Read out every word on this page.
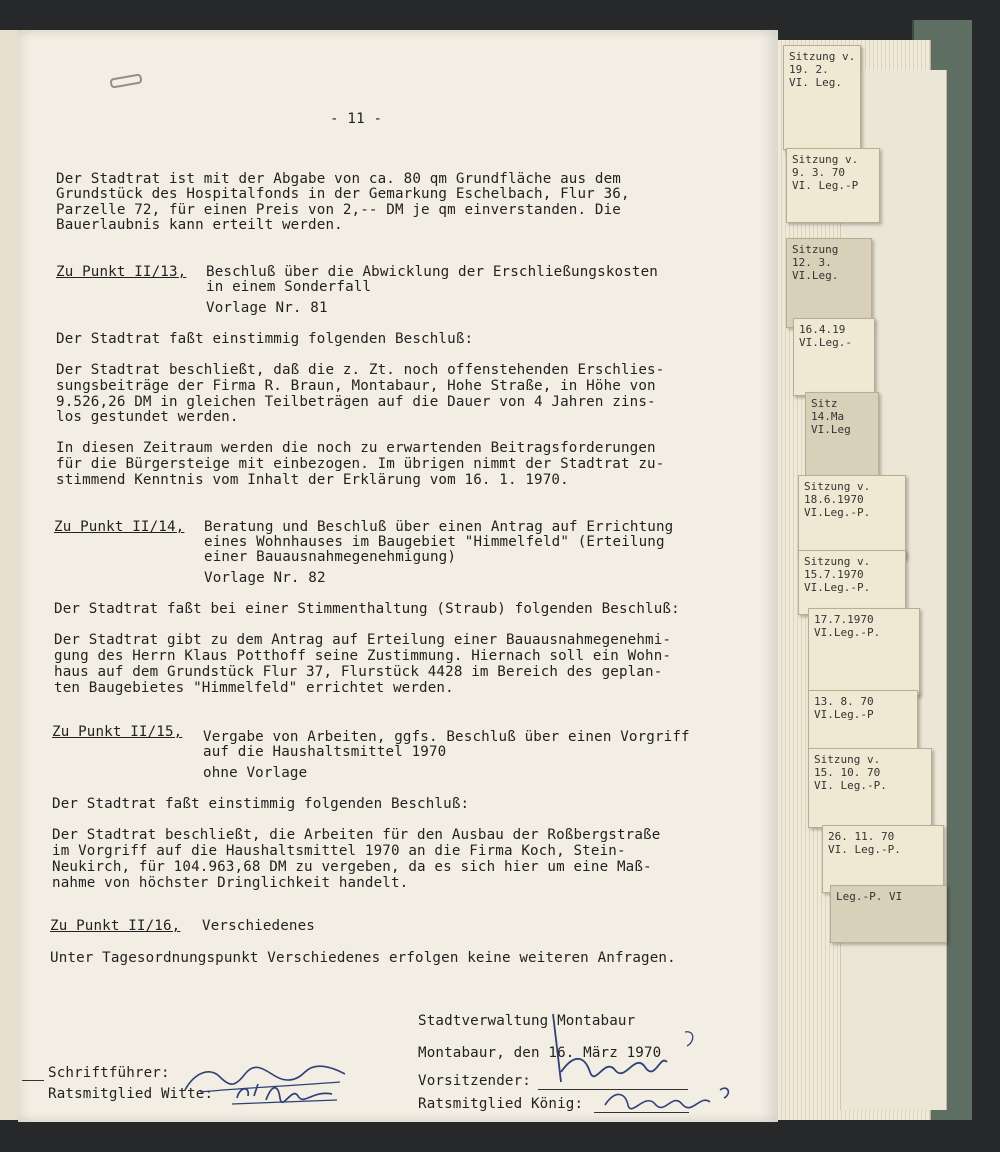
Sitzung v.
19. 2.
VI. Leg.
Sitzung v.
9. 3. 70
VI. Leg.-P
Sitzung
12. 3.
VI.Leg.
16.4.19
VI.Leg.-
Sitz
14.Ma
VI.Leg
Sitzung v.
18.6.1970
VI.Leg.-P.
Sitzung v.
15.7.1970
VI.Leg.-P.
17.7.1970
VI.Leg.-P.
13. 8. 70
VI.Leg.-P
Sitzung v.
15. 10. 70
VI. Leg.-P.
26. 11. 70
VI. Leg.-P.
Leg.-P. VI
- 11 -
Der Stadtrat ist mit der Abgabe von ca. 80 qm Grundfläche aus dem
Grundstück des Hospitalfonds in der Gemarkung Eschelbach, Flur 36,
Parzelle 72, für einen Preis von 2,-- DM je qm einverstanden. Die
Bauerlaubnis kann erteilt werden.
Zu Punkt II/13, Beschluß über die Abwicklung der Erschließungskosten
in einem Sonderfall
Vorlage Nr. 81
Der Stadtrat faßt einstimmig folgenden Beschluß:
Der Stadtrat beschließt, daß die z. Zt. noch offenstehenden Erschlies-
sungsbeiträge der Firma R. Braun, Montabaur, Hohe Straße, in Höhe von
9.526,26 DM in gleichen Teilbeträgen auf die Dauer von 4 Jahren zins-
los gestundet werden.
In diesen Zeitraum werden die noch zu erwartenden Beitragsforderungen
für die Bürgersteige mit einbezogen. Im übrigen nimmt der Stadtrat zu-
stimmend Kenntnis vom Inhalt der Erklärung vom 16. 1. 1970.
Zu Punkt II/14, Beratung und Beschluß über einen Antrag auf Errichtung
eines Wohnhauses im Baugebiet "Himmelfeld" (Erteilung
einer Bauausnahmegenehmigung)
Vorlage Nr. 82
Der Stadtrat faßt bei einer Stimmenthaltung (Straub) folgenden Beschluß:
Der Stadtrat gibt zu dem Antrag auf Erteilung einer Bauausnahmegenehmi-
gung des Herrn Klaus Potthoff seine Zustimmung. Hiernach soll ein Wohn-
haus auf dem Grundstück Flur 37, Flurstück 4428 im Bereich des geplan-
ten Baugebietes "Himmelfeld" errichtet werden.
Zu Punkt II/15, Vergabe von Arbeiten, ggfs. Beschluß über einen Vorgriff
auf die Haushaltsmittel 1970
ohne Vorlage
Der Stadtrat faßt einstimmig folgenden Beschluß:
Der Stadtrat beschließt, die Arbeiten für den Ausbau der Roßbergstraße
im Vorgriff auf die Haushaltsmittel 1970 an die Firma Koch, Stein-
Neukirch, für 104.963,68 DM zu vergeben, da es sich hier um eine Maß-
nahme von höchster Dringlichkeit handelt.
Zu Punkt II/16, Verschiedenes
Unter Tagesordnungspunkt Verschiedenes erfolgen keine weiteren Anfragen.
Stadtverwaltung Montabaur
Montabaur, den 16. März 1970
Vorsitzender:
Ratsmitglied König:
Schriftführer:
Ratsmitglied Witte:
